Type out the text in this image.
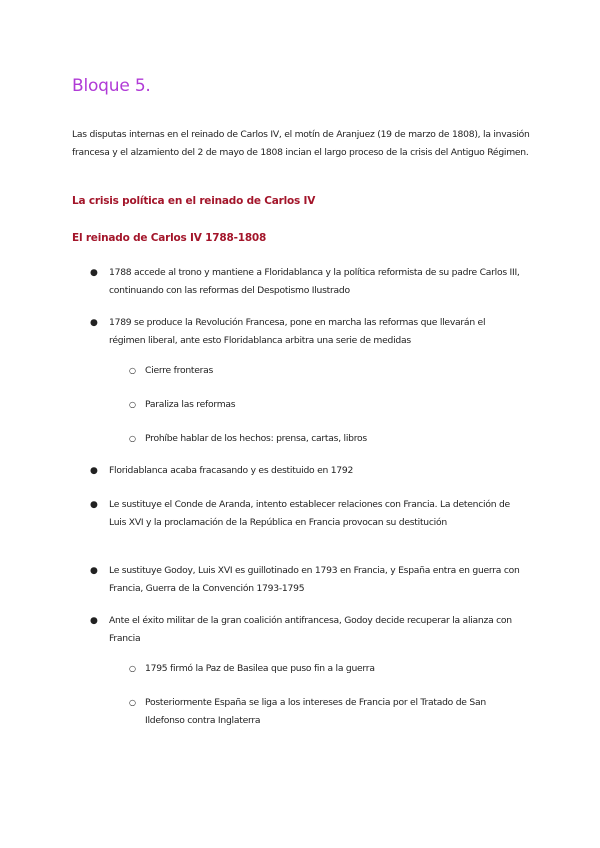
Bloque 5.
Las disputas internas en el reinado de Carlos IV, el motín de Aranjuez (19 de marzo de 1808), la invasión francesa y el alzamiento del 2 de mayo de 1808 incian el largo proceso de la crisis del Antiguo Régimen.
La crisis política en el reinado de Carlos IV
El reinado de Carlos IV 1788-1808
● 1788 accede al trono y mantiene a Floridablanca y la política reformista de su padre Carlos III, continuando con las reformas del Despotismo Ilustrado
● 1789 se produce la Revolución Francesa, pone en marcha las reformas que llevarán el régimen liberal, ante esto Floridablanca arbitra una serie de medidas
○ Cierre fronteras
○ Paraliza las reformas
○ Prohíbe hablar de los hechos: prensa, cartas, libros
● Floridablanca acaba fracasando y es destituido en 1792
● Le sustituye el Conde de Aranda, intento establecer relaciones con Francia. La detención de Luis XVI y la proclamación de la República en Francia provocan su destitución
● Le sustituye Godoy, Luis XVI es guillotinado en 1793 en Francia, y España entra en guerra con Francia, Guerra de la Convención 1793-1795
● Ante el éxito militar de la gran coalición antifrancesa, Godoy decide recuperar la alianza con Francia
○ 1795 firmó la Paz de Basilea que puso fin a la guerra
○ Posteriormente España se liga a los intereses de Francia por el Tratado de San Ildefonso contra Inglaterra
